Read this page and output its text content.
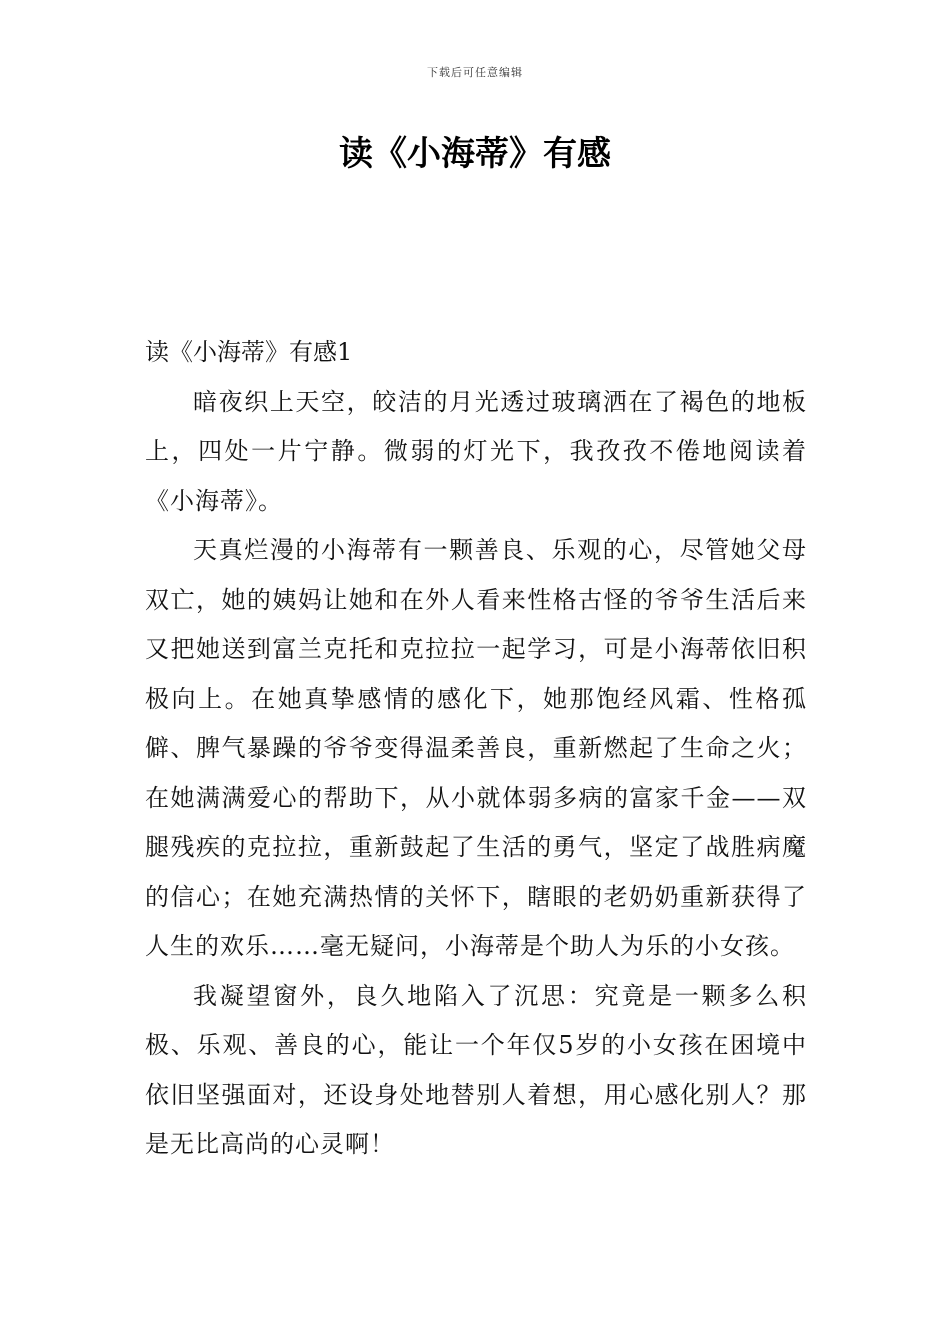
下载后可任意编辑
读《小海蒂》有感
读《小海蒂》有感1

暗夜织上天空，皎洁的月光透过玻璃洒在了褐色的地板上，四处一片宁静。微弱的灯光下，我孜孜不倦地阅读着《小海蒂》。

天真烂漫的小海蒂有一颗善良、乐观的心，尽管她父母双亡，她的姨妈让她和在外人看来性格古怪的爷爷生活后来又把她送到富兰克托和克拉拉一起学习，可是小海蒂依旧积极向上。在她真挚感情的感化下，她那饱经风霜、性格孤僻、脾气暴躁的爷爷变得温柔善良，重新燃起了生命之火；在她满满爱心的帮助下，从小就体弱多病的富家千金——双腿残疾的克拉拉，重新鼓起了生活的勇气，坚定了战胜病魔的信心；在她充满热情的关怀下，瞎眼的老奶奶重新获得了人生的欢乐……毫无疑问，小海蒂是个助人为乐的小女孩。

我凝望窗外，良久地陷入了沉思：究竟是一颗多么积极、乐观、善良的心，能让一个年仅5岁的小女孩在困境中依旧坚强面对，还设身处地替别人着想，用心感化别人？那是无比高尚的心灵啊！
